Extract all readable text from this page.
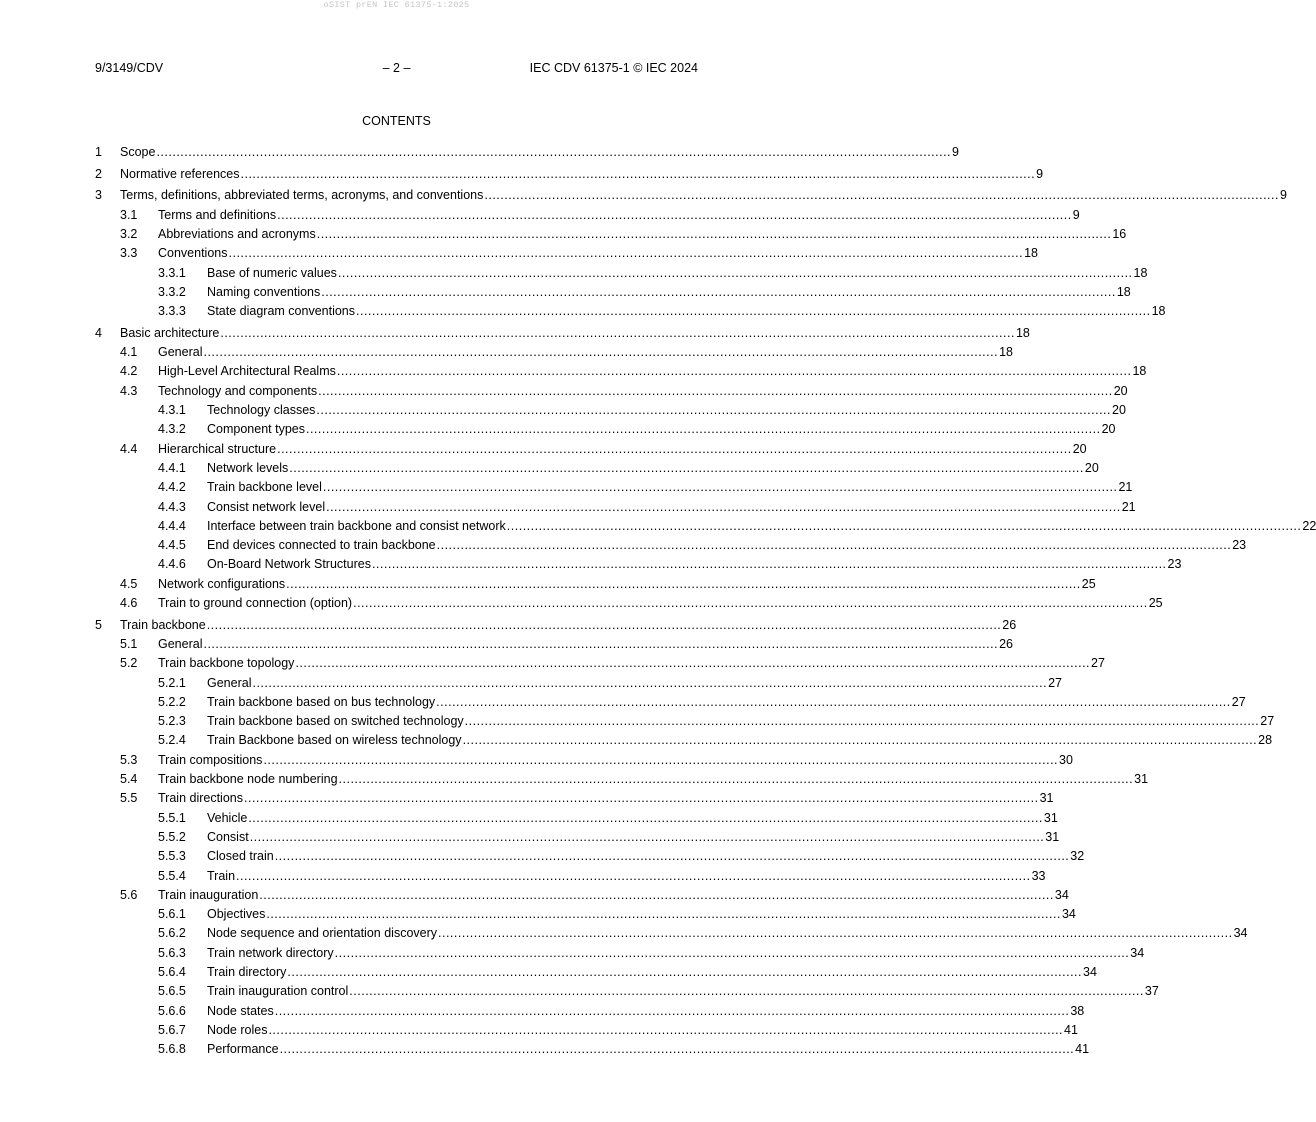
oSIST prEN IEC 61375-1:2025
9/3149/CDV	– 2 –	IEC CDV 61375-1 © IEC 2024
CONTENTS
1 Scope ........................................................................................................................................................................................................ 9
2 Normative references ........................................................................................................................................................................................................ 9
3 Terms, definitions, abbreviated terms, acronyms, and conventions ........................................................................................................................................................................................................ 9
3.1 Terms and definitions ........................................................................................................................................................................................................ 9
3.2 Abbreviations and acronyms ........................................................................................................................................................................................................ 16
3.3 Conventions ........................................................................................................................................................................................................ 18
3.3.1 Base of numeric values ........................................................................................................................................................................................................ 18
3.3.2 Naming conventions ........................................................................................................................................................................................................ 18
3.3.3 State diagram conventions ........................................................................................................................................................................................................ 18
4 Basic architecture ........................................................................................................................................................................................................ 18
4.1 General ........................................................................................................................................................................................................ 18
4.2 High-Level Architectural Realms ........................................................................................................................................................................................................ 18
4.3 Technology and components ........................................................................................................................................................................................................ 20
4.3.1 Technology classes ........................................................................................................................................................................................................ 20
4.3.2 Component types ........................................................................................................................................................................................................ 20
4.4 Hierarchical structure ........................................................................................................................................................................................................ 20
4.4.1 Network levels ........................................................................................................................................................................................................ 20
4.4.2 Train backbone level ........................................................................................................................................................................................................ 21
4.4.3 Consist network level ........................................................................................................................................................................................................ 21
4.4.4 Interface between train backbone and consist network ........................................................................................................................................................................................................ 22
4.4.5 End devices connected to train backbone ........................................................................................................................................................................................................ 23
4.4.6 On-Board Network Structures ........................................................................................................................................................................................................ 23
4.5 Network configurations ........................................................................................................................................................................................................ 25
4.6 Train to ground connection (option) ........................................................................................................................................................................................................ 25
5 Train backbone ........................................................................................................................................................................................................ 26
5.1 General ........................................................................................................................................................................................................ 26
5.2 Train backbone topology ........................................................................................................................................................................................................ 27
5.2.1 General ........................................................................................................................................................................................................ 27
5.2.2 Train backbone based on bus technology ........................................................................................................................................................................................................ 27
5.2.3 Train backbone based on switched technology ........................................................................................................................................................................................................ 27
5.2.4 Train Backbone based on wireless technology ........................................................................................................................................................................................................ 28
5.3 Train compositions ........................................................................................................................................................................................................ 30
5.4 Train backbone node numbering ........................................................................................................................................................................................................ 31
5.5 Train directions ........................................................................................................................................................................................................ 31
5.5.1 Vehicle ........................................................................................................................................................................................................ 31
5.5.2 Consist ........................................................................................................................................................................................................ 31
5.5.3 Closed train ........................................................................................................................................................................................................ 32
5.5.4 Train ........................................................................................................................................................................................................ 33
5.6 Train inauguration ........................................................................................................................................................................................................ 34
5.6.1 Objectives ........................................................................................................................................................................................................ 34
5.6.2 Node sequence and orientation discovery ........................................................................................................................................................................................................ 34
5.6.3 Train network directory ........................................................................................................................................................................................................ 34
5.6.4 Train directory ........................................................................................................................................................................................................ 34
5.6.5 Train inauguration control ........................................................................................................................................................................................................ 37
5.6.6 Node states ........................................................................................................................................................................................................ 38
5.6.7 Node roles ........................................................................................................................................................................................................ 41
5.6.8 Performance ........................................................................................................................................................................................................ 41
